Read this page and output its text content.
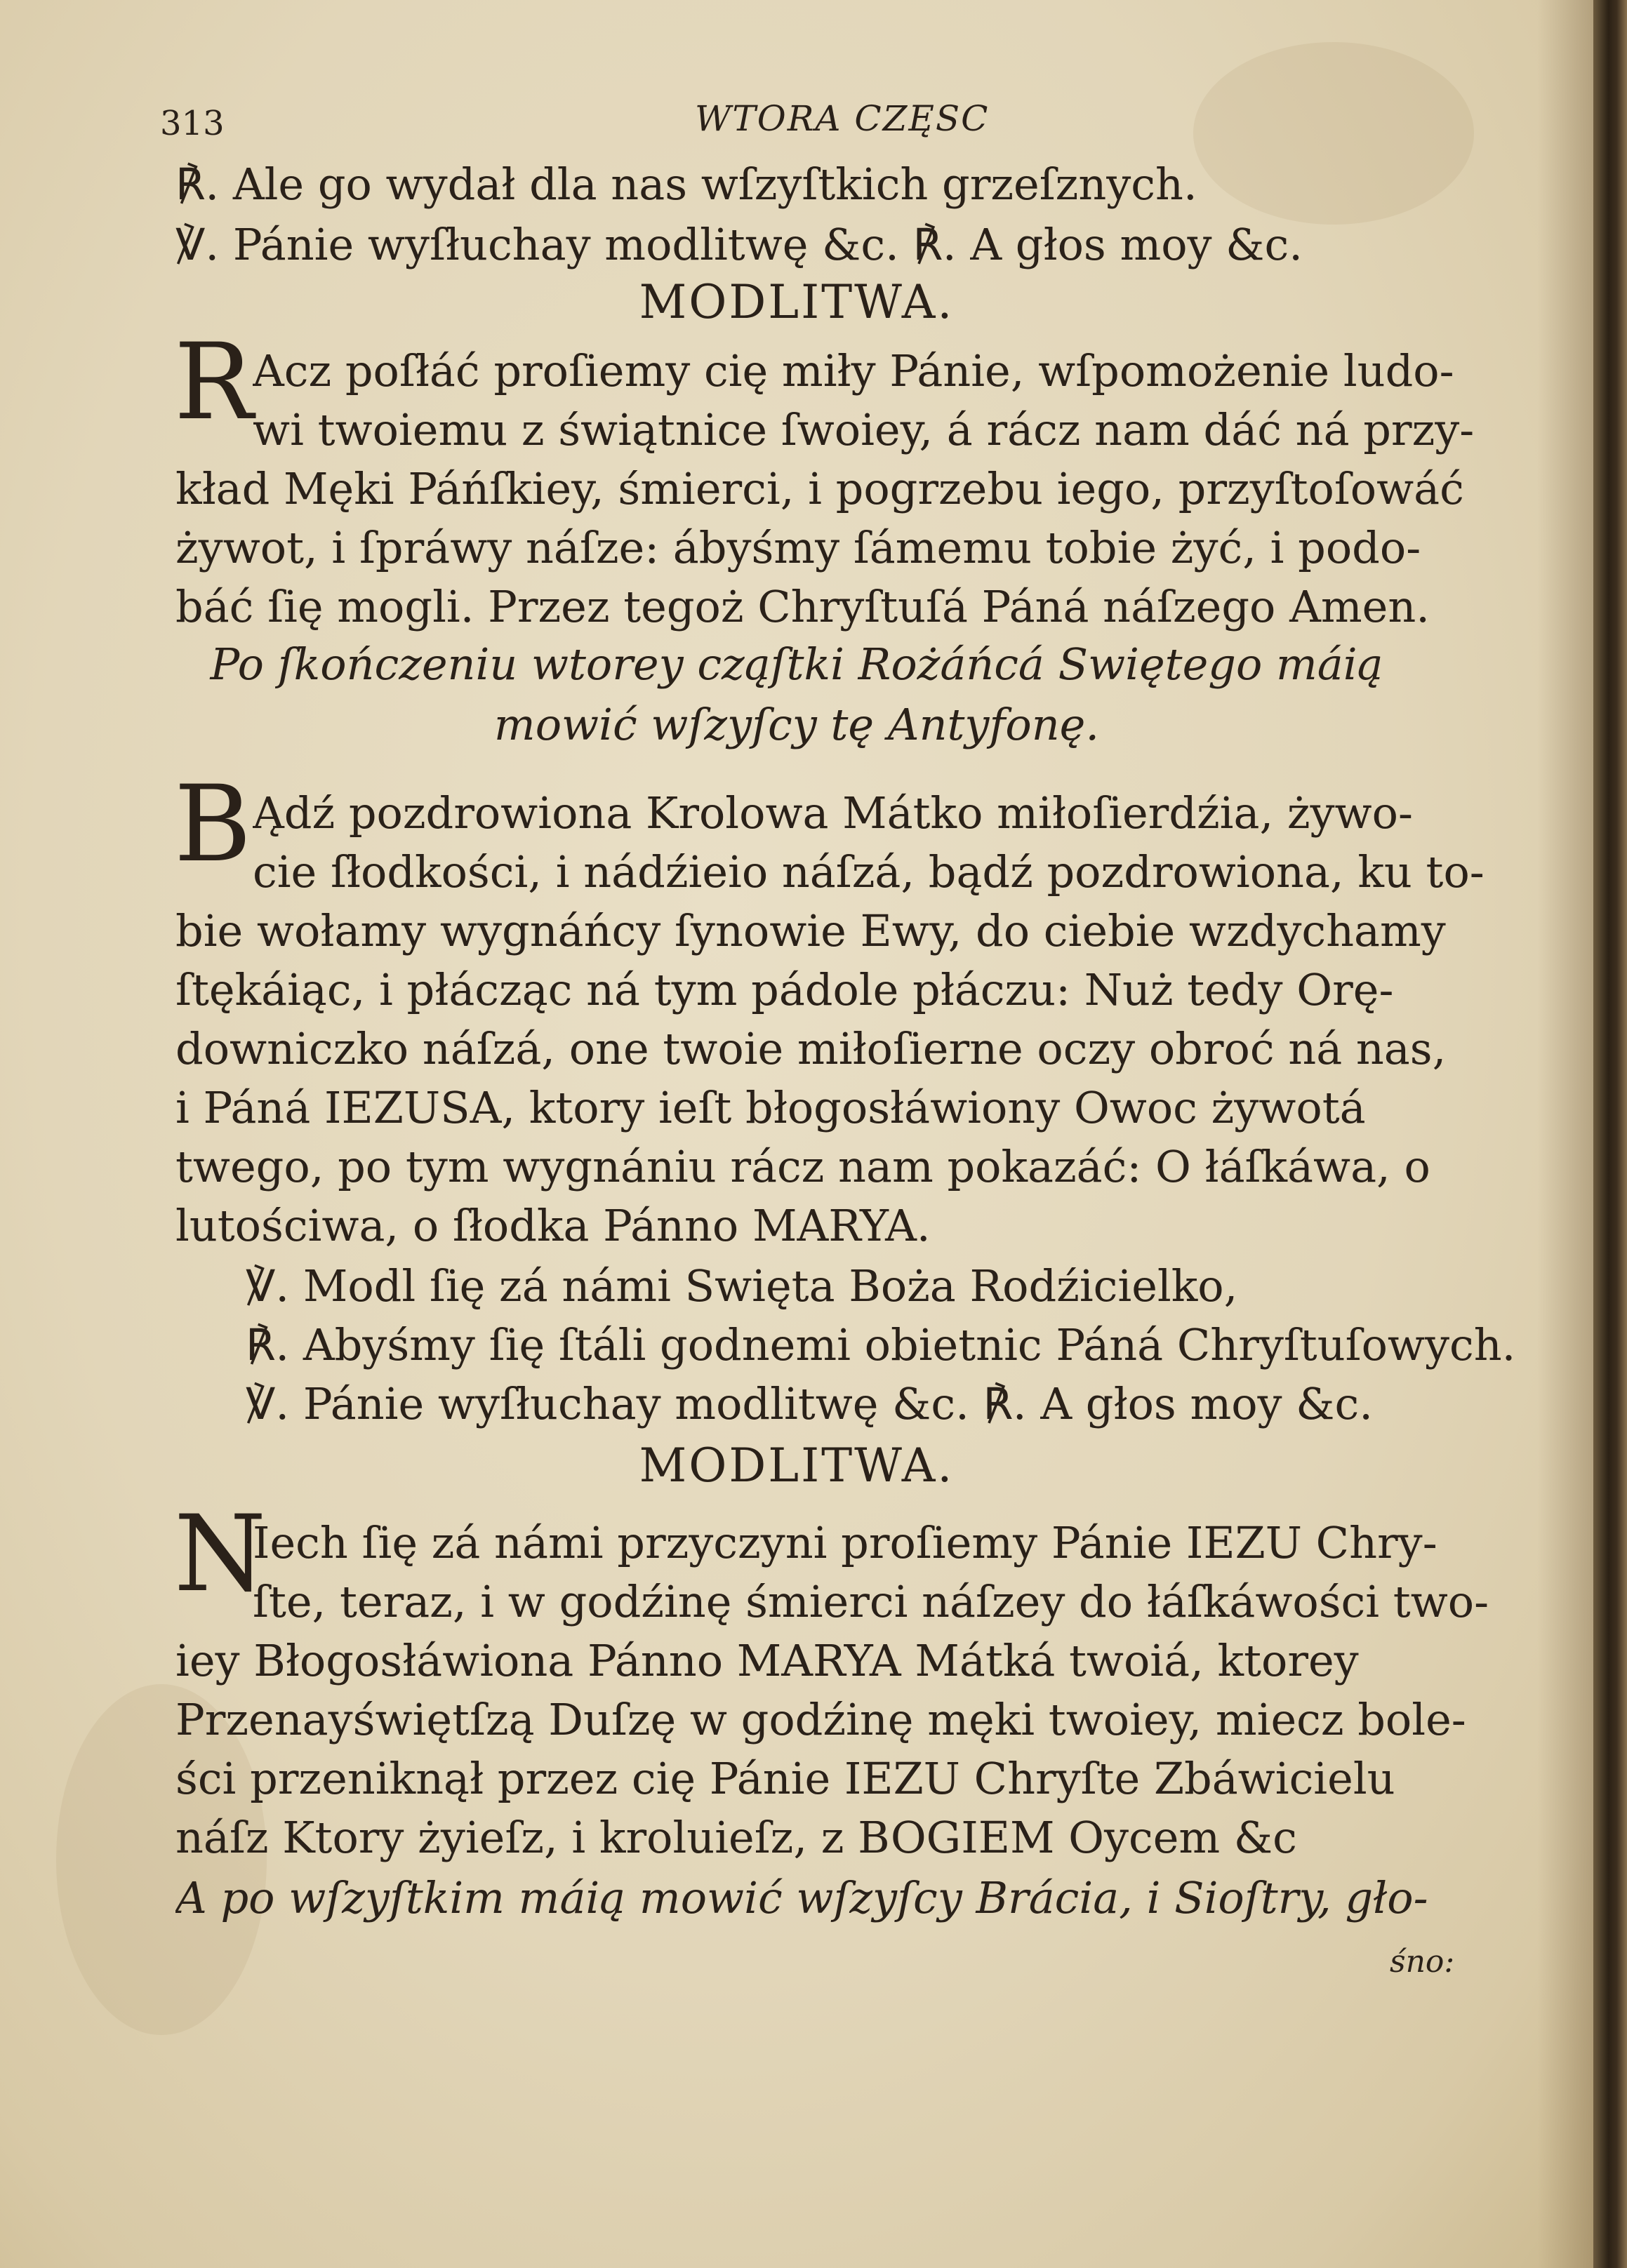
313	WTORA CZĘSC
℟. Ale go wydał dla nas wſzyſtkich grzeſznych.
℣. Pánie wyſłuchay modlitwę &c. ℟. A głos moy &c.
MODLITWA.
R Acz poſłáć proſiemy cię miły Pánie, wſpomożenie ludo-
wi twoiemu z świątnice ſwoiey, á rácz nam dáć ná przy-
kład Męki Páńſkiey, śmierci, i pogrzebu iego, przyſtoſowáć
żywot, i ſpráwy náſze: ábyśmy ſámemu tobie żyć, i podo-
báć ſię mogli. Przez tegoż Chryſtuſá Páná náſzego Amen.
Po ſkończeniu wtorey cząſtki Rożáńcá Swiętego máią
mowić wſzyſcy tę Antyfonę.
B Ądź pozdrowiona Krolowa Mátko miłoſierdźia, żywo-
cie ſłodkości, i nádźieio náſzá, bądź pozdrowiona, ku to-
bie wołamy wygnáńcy ſynowie Ewy, do ciebie wzdychamy
ſtękáiąc, i płácząc ná tym pádole płáczu: Nuż tedy Orę-
downiczko náſzá, one twoie miłoſierne oczy obroć ná nas,
i Páná IEZUSA, ktory ieſt błogosłáwiony Owoc żywotá
twego, po tym wygnániu rácz nam pokazáć: O łáſkáwa, o
lutościwa, o ſłodka Pánno MARYA.
℣. Modl ſię zá námi Swięta Boża Rodźicielko,
℟. Abyśmy ſię ſtáli godnemi obietnic Páná Chryſtuſowych.
℣. Pánie wyſłuchay modlitwę &c. ℟. A głos moy &c.
MODLITWA.
N
Iech ſię zá námi przyczyni proſiemy Pánie IEZU Chry-
ſte, teraz, i w godźinę śmierci náſzey do łáſkáwości two-
iey Błogosłáwiona Pánno MARYA Mátká twoiá, ktorey
Przenayświętſzą Duſzę w godźinę męki twoiey, miecz bole-
ści przeniknął przez cię Pánie IEZU Chryſte Zbáwicielu
náſz Ktory żyieſz, i kroluieſz, z BOGIEM Oycem &c
A po wſzyſtkim máią mowić wſzyſcy Brácia, i Sioſtry, gło-
śno:
